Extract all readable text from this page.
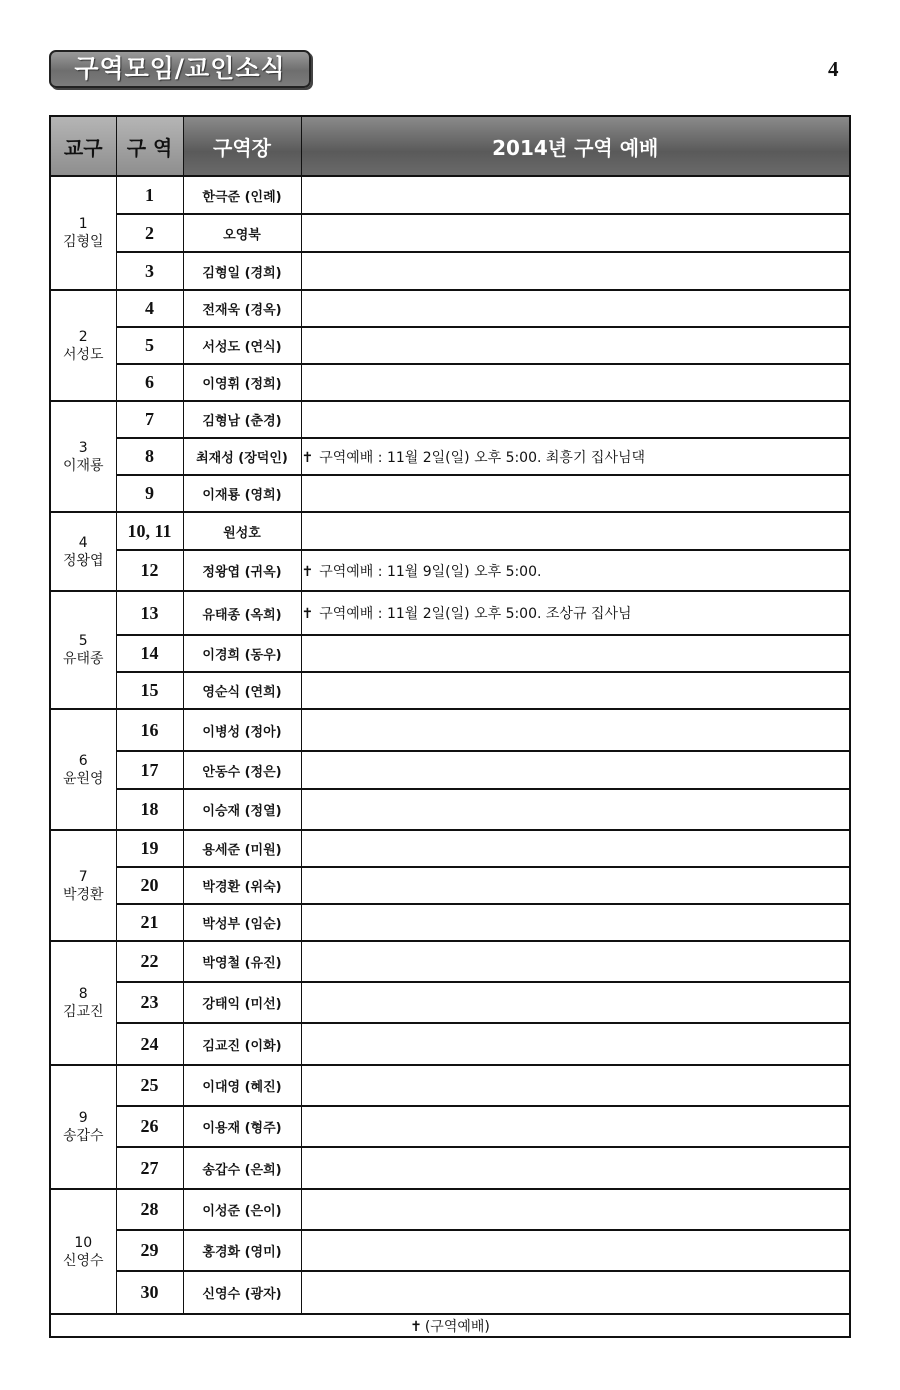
구역모임/교인소식	4
교구	구 역	구역장	2014년 구역 예배

1
김형일	1	한극준 (인례)	
	2	오영북	
	3	김형일 (경희)	

2
서성도	4	전재욱 (경옥)	
	5	서성도 (연식)	
	6	이영휘 (정희)	

3
이재룡	7	김형남 (춘경)	
	8	최재성 (장덕인)	✝ 구역예배 : 11월 2일(일) 오후 5:00. 최흥기 집사님댁
	9	이재룡 (영희)	

4
정왕엽	10, 11	원성호	
	12	정왕엽 (귀옥)	✝ 구역예배 : 11월 9일(일) 오후 5:00.

5
유태종	13	유태종 (옥희)	✝ 구역예배 : 11월 2일(일) 오후 5:00. 조상규 집사님
	14	이경희 (동우)	
	15	영순식 (연희)	

6
윤원영	16	이병성 (정아)	
	17	안동수 (정은)	
	18	이승재 (정열)	

7
박경환	19	용세준 (미원)	
	20	박경환 (위숙)	
	21	박성부 (임순)	

8
김교진	22	박영철 (유진)	
	23	강태익 (미선)	
	24	김교진 (이화)	

9
송갑수	25	이대영 (혜진)	
	26	이용재 (형주)	
	27	송갑수 (은희)	

10
신영수	28	이성준 (은이)	
	29	홍경화 (영미)	
	30	신영수 (광자)	
✝ (구역예배)			
